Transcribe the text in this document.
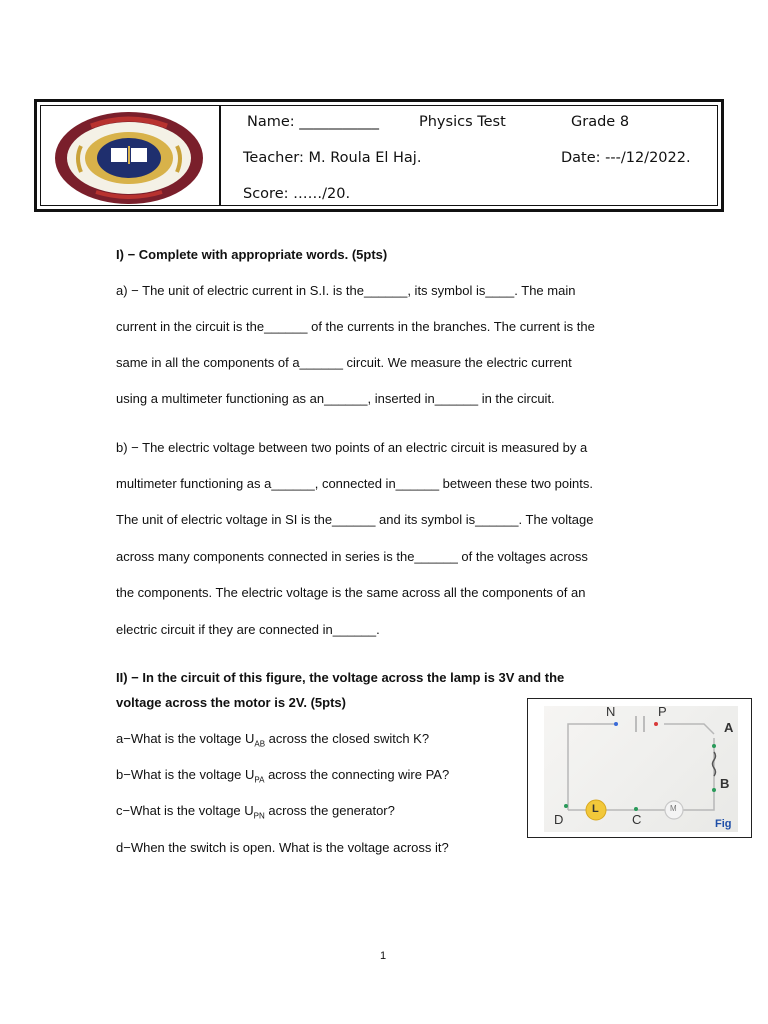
Name: ___________	Physics Test	Grade 8
Teacher: M. Roula El Haj.	Date: ---/12/2022.
Score: ……/20.
I) − Complete with appropriate words. (5pts)
a) − The unit of electric current in S.I. is the______, its symbol is____. The main
current in the circuit is the______ of the currents in the branches. The current is the
same in all the components of a______ circuit. We measure the electric current
using a multimeter functioning as an______, inserted in______ in the circuit.
b) − The electric voltage between two points of an electric circuit is measured by a
multimeter functioning as a______, connected in______ between these two points.
The unit of electric voltage in SI is the______ and its symbol is______. The voltage
across many components connected in series is the______ of the voltages across
the components. The electric voltage is the same across all the components of an
electric circuit if they are connected in______.
II) − In the circuit of this figure, the voltage across the lamp is 3V and the
voltage across the motor is 2V. (5pts)
a−What is the voltage $U_{AB}$ across the closed switch K?
b−What is the voltage $U_{PA}$ across the connecting wire PA?
c−What is the voltage $U_{PN}$ across the generator?
d−When the switch is open. What is the voltage across it?
N	P
A
B
D	C
L	M
Fig
1
